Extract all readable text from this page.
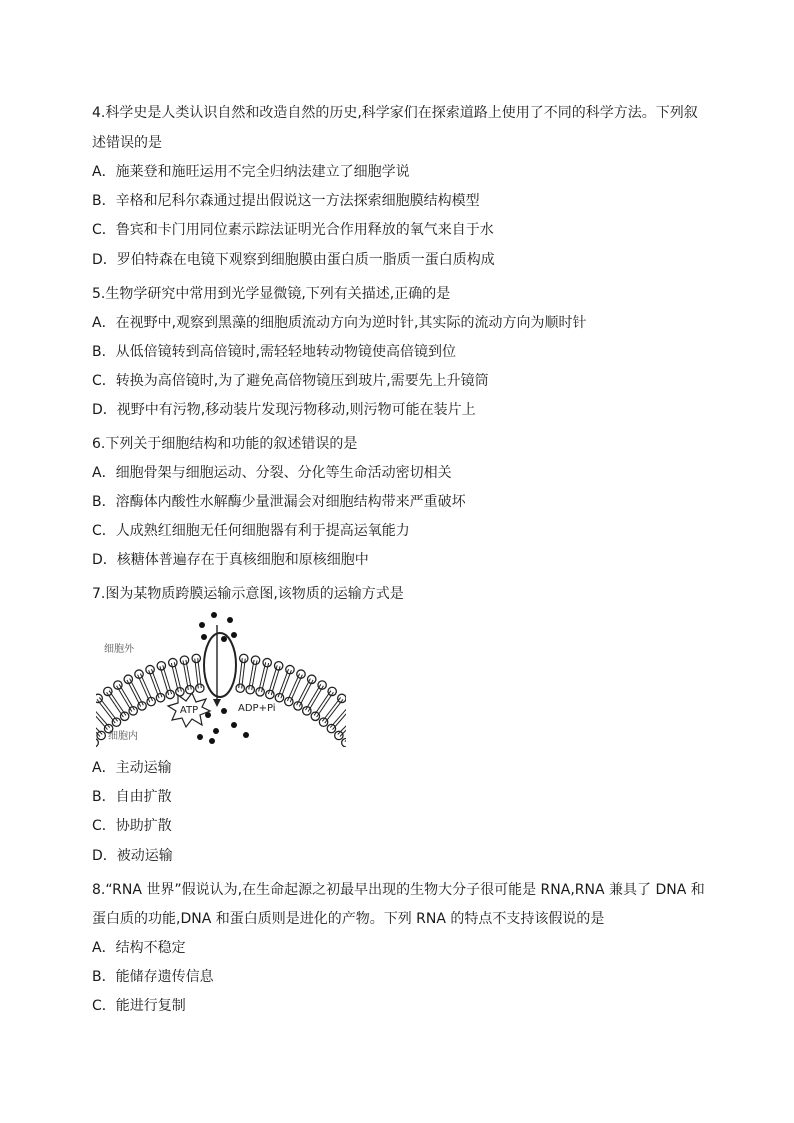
4.科学史是人类认识自然和改造自然的历史,科学家们在探索道路上使用了不同的科学方法。下列叙
述错误的是
A．施莱登和施旺运用不完全归纳法建立了细胞学说
B．辛格和尼科尔森通过提出假说这一方法探索细胞膜结构模型
C．鲁宾和卡门用同位素示踪法证明光合作用释放的氧气来自于水
D．罗伯特森在电镜下观察到细胞膜由蛋白质一脂质一蛋白质构成
5.生物学研究中常用到光学显微镜,下列有关描述,正确的是
A．在视野中,观察到黑藻的细胞质流动方向为逆时针,其实际的流动方向为顺时针
B．从低倍镜转到高倍镜时,需轻轻地转动物镜使高倍镜到位
C．转换为高倍镜时,为了避免高倍物镜压到玻片,需要先上升镜筒
D．视野中有污物,移动装片发现污物移动,则污物可能在装片上
6.下列关于细胞结构和功能的叙述错误的是
A．细胞骨架与细胞运动、分裂、分化等生命活动密切相关
B．溶酶体内酸性水解酶少量泄漏会对细胞结构带来严重破坏
C．人成熟红细胞无任何细胞器有利于提高运氧能力
D．核糖体普遍存在于真核细胞和原核细胞中
7.图为某物质跨膜运输示意图,该物质的运输方式是
ATP	ADP+Pi
细胞外
细胞内
A．主动运输
B．自由扩散
C．协助扩散
D．被动运输
8.“RNA 世界”假说认为,在生命起源之初最早出现的生物大分子很可能是 RNA,RNA 兼具了 DNA 和
蛋白质的功能,DNA 和蛋白质则是进化的产物。下列 RNA 的特点不支持该假说的是
A．结构不稳定
B．能储存遗传信息
C．能进行复制
